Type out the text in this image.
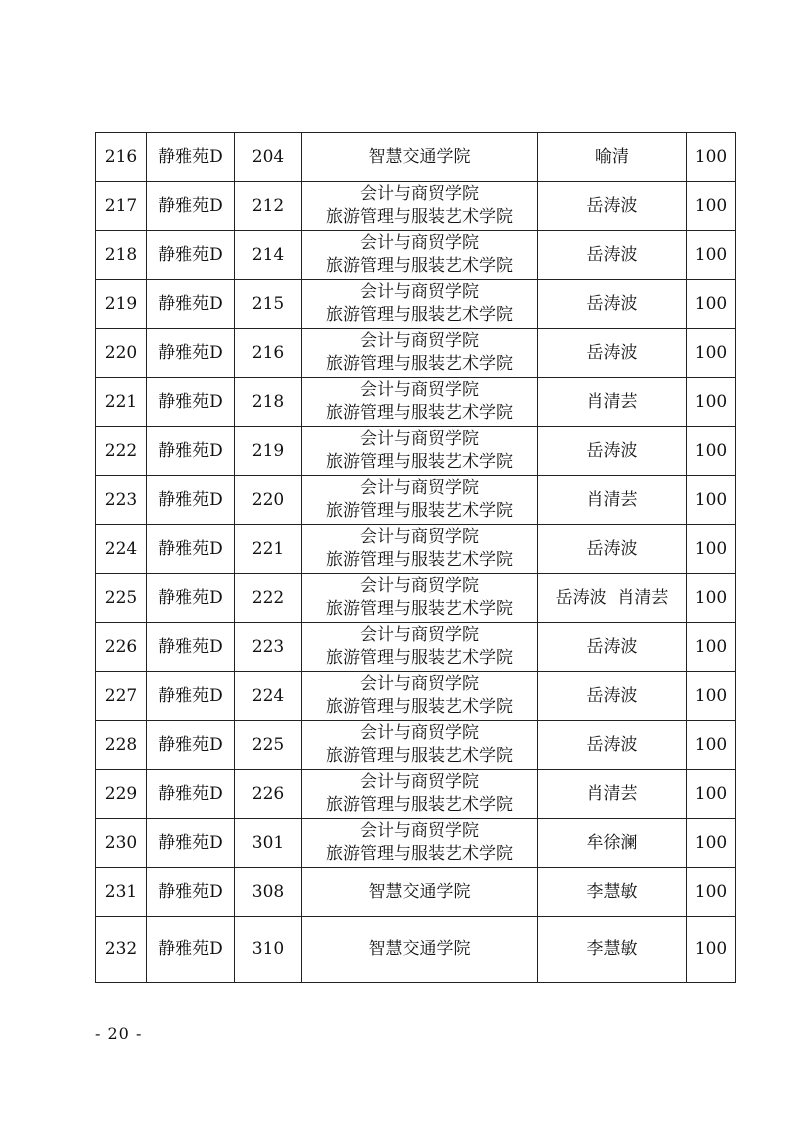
216	静雅苑D	204	智慧交通学院	喻清	100
217	静雅苑D	212	会计与商贸学院
旅游管理与服装艺术学院	岳涛波	100
218	静雅苑D	214	会计与商贸学院
旅游管理与服装艺术学院	岳涛波	100
219	静雅苑D	215	会计与商贸学院
旅游管理与服装艺术学院	岳涛波	100
220	静雅苑D	216	会计与商贸学院
旅游管理与服装艺术学院	岳涛波	100
221	静雅苑D	218	会计与商贸学院
旅游管理与服装艺术学院	肖清芸	100
222	静雅苑D	219	会计与商贸学院
旅游管理与服装艺术学院	岳涛波	100
223	静雅苑D	220	会计与商贸学院
旅游管理与服装艺术学院	肖清芸	100
224	静雅苑D	221	会计与商贸学院
旅游管理与服装艺术学院	岳涛波	100
225	静雅苑D	222	会计与商贸学院
旅游管理与服装艺术学院	岳涛波  肖清芸	100
226	静雅苑D	223	会计与商贸学院
旅游管理与服装艺术学院	岳涛波	100
227	静雅苑D	224	会计与商贸学院
旅游管理与服装艺术学院	岳涛波	100
228	静雅苑D	225	会计与商贸学院
旅游管理与服装艺术学院	岳涛波	100
229	静雅苑D	226	会计与商贸学院
旅游管理与服装艺术学院	肖清芸	100
230	静雅苑D	301	会计与商贸学院
旅游管理与服装艺术学院	牟徐澜	100
231	静雅苑D	308	智慧交通学院	李慧敏	100
232	静雅苑D	310	智慧交通学院	李慧敏	100
- 20 -
